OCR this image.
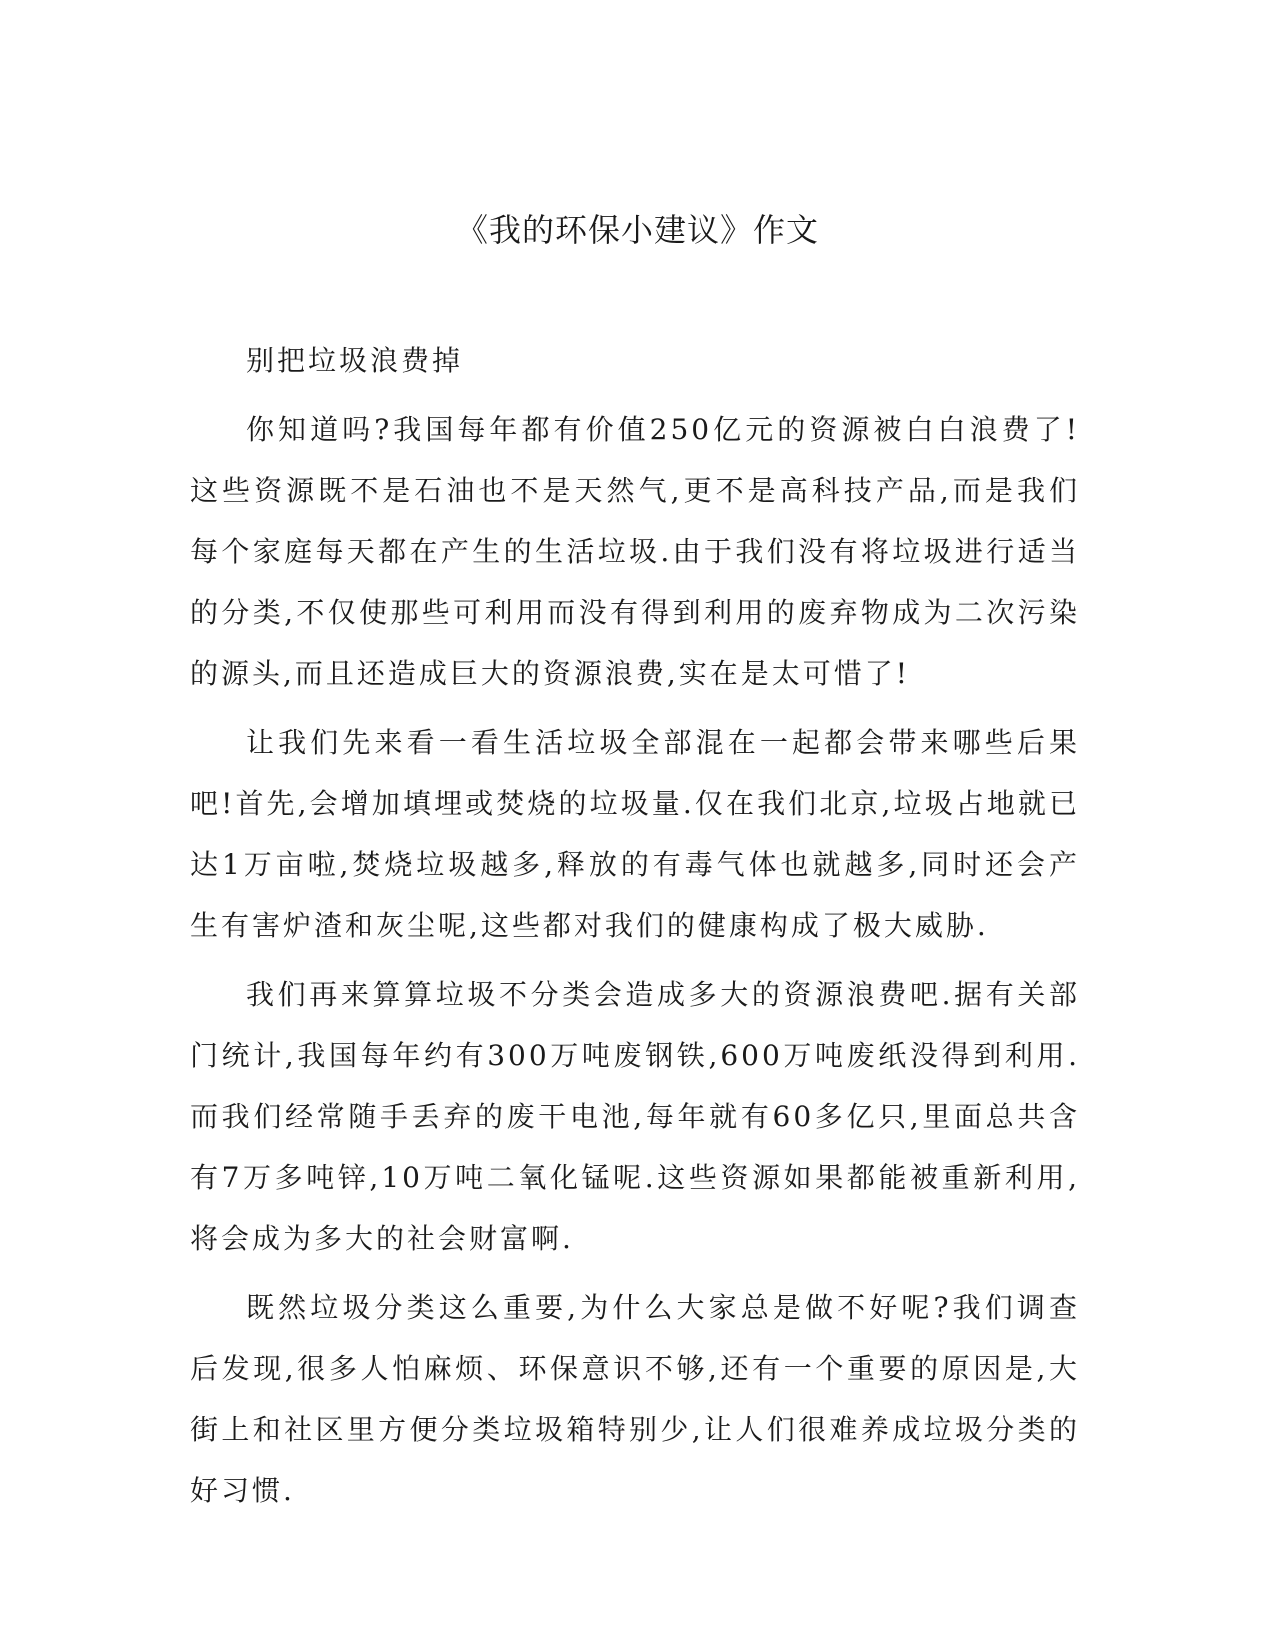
《我的环保小建议》作文

别把垃圾浪费掉

你知道吗?我国每年都有价值250亿元的资源被白白浪费了!这些资源既不是石油也不是天然气,更不是高科技产品,而是我们每个家庭每天都在产生的生活垃圾.由于我们没有将垃圾进行适当的分类,不仅使那些可利用而没有得到利用的废弃物成为二次污染的源头,而且还造成巨大的资源浪费,实在是太可惜了!

让我们先来看一看生活垃圾全部混在一起都会带来哪些后果吧!首先,会增加填埋或焚烧的垃圾量.仅在我们北京,垃圾占地就已达1万亩啦,焚烧垃圾越多,释放的有毒气体也就越多,同时还会产生有害炉渣和灰尘呢,这些都对我们的健康构成了极大威胁.

我们再来算算垃圾不分类会造成多大的资源浪费吧.据有关部门统计,我国每年约有300万吨废钢铁,600万吨废纸没得到利用.而我们经常随手丢弃的废干电池,每年就有60多亿只,里面总共含有7万多吨锌,10万吨二氧化锰呢.这些资源如果都能被重新利用,将会成为多大的社会财富啊.

既然垃圾分类这么重要,为什么大家总是做不好呢?我们调查后发现,很多人怕麻烦、环保意识不够,还有一个重要的原因是,大街上和社区里方便分类垃圾箱特别少,让人们很难养成垃圾分类的好习惯.
